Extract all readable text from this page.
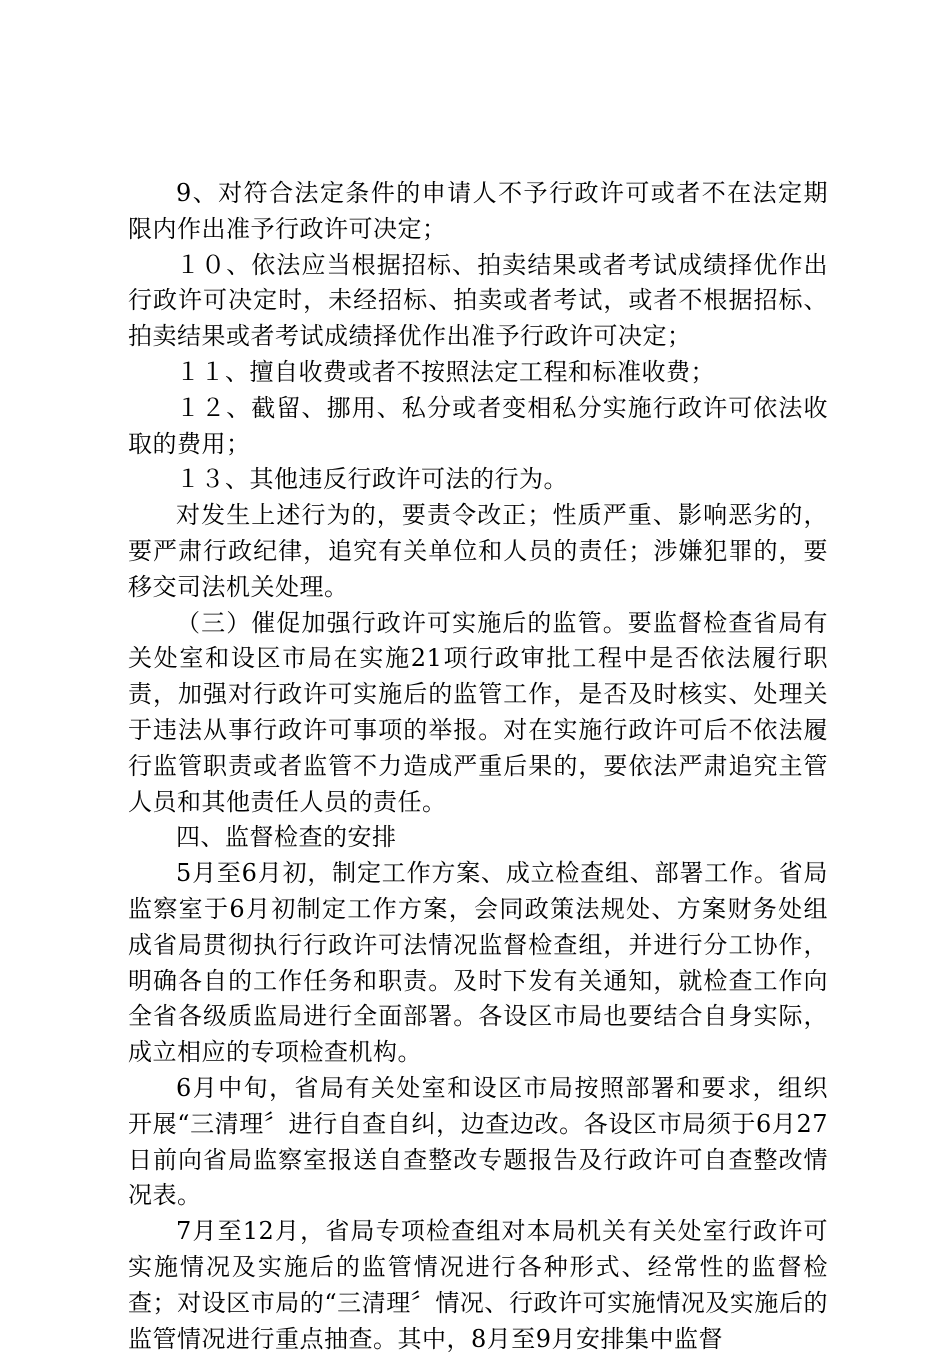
9、对符合法定条件的申请人不予行政许可或者不在法定期限内作出准予行政许可决定；

１０、依法应当根据招标、拍卖结果或者考试成绩择优作出行政许可决定时，未经招标、拍卖或者考试，或者不根据招标、拍卖结果或者考试成绩择优作出准予行政许可决定；

１１、擅自收费或者不按照法定工程和标准收费；

１２、截留、挪用、私分或者变相私分实施行政许可依法收取的费用；

１３、其他违反行政许可法的行为。

对发生上述行为的，要责令改正；性质严重、影响恶劣的，要严肃行政纪律，追究有关单位和人员的责任；涉嫌犯罪的，要移交司法机关处理。

（三）催促加强行政许可实施后的监管。要监督检查省局有关处室和设区市局在实施21项行政审批工程中是否依法履行职责，加强对行政许可实施后的监管工作，是否及时核实、处理关于违法从事行政许可事项的举报。对在实施行政许可后不依法履行监管职责或者监管不力造成严重后果的，要依法严肃追究主管人员和其他责任人员的责任。

四、监督检查的安排

5月至6月初，制定工作方案、成立检查组、部署工作。省局监察室于6月初制定工作方案，会同政策法规处、方案财务处组成省局贯彻执行行政许可法情况监督检查组，并进行分工协作，明确各自的工作任务和职责。及时下发有关通知，就检查工作向全省各级质监局进行全面部署。各设区市局也要结合自身实际，成立相应的专项检查机构。

6月中旬，省局有关处室和设区市局按照部署和要求，组织开展“三清理〞进行自查自纠，边查边改。各设区市局须于6月27日前向省局监察室报送自查整改专题报告及行政许可自查整改情况表。

7月至12月，省局专项检查组对本局机关有关处室行政许可实施情况及实施后的监管情况进行各种形式、经常性的监督检查；对设区市局的“三清理〞情况、行政许可实施情况及实施后的监管情况进行重点抽查。其中，8月至9月安排集中监督
